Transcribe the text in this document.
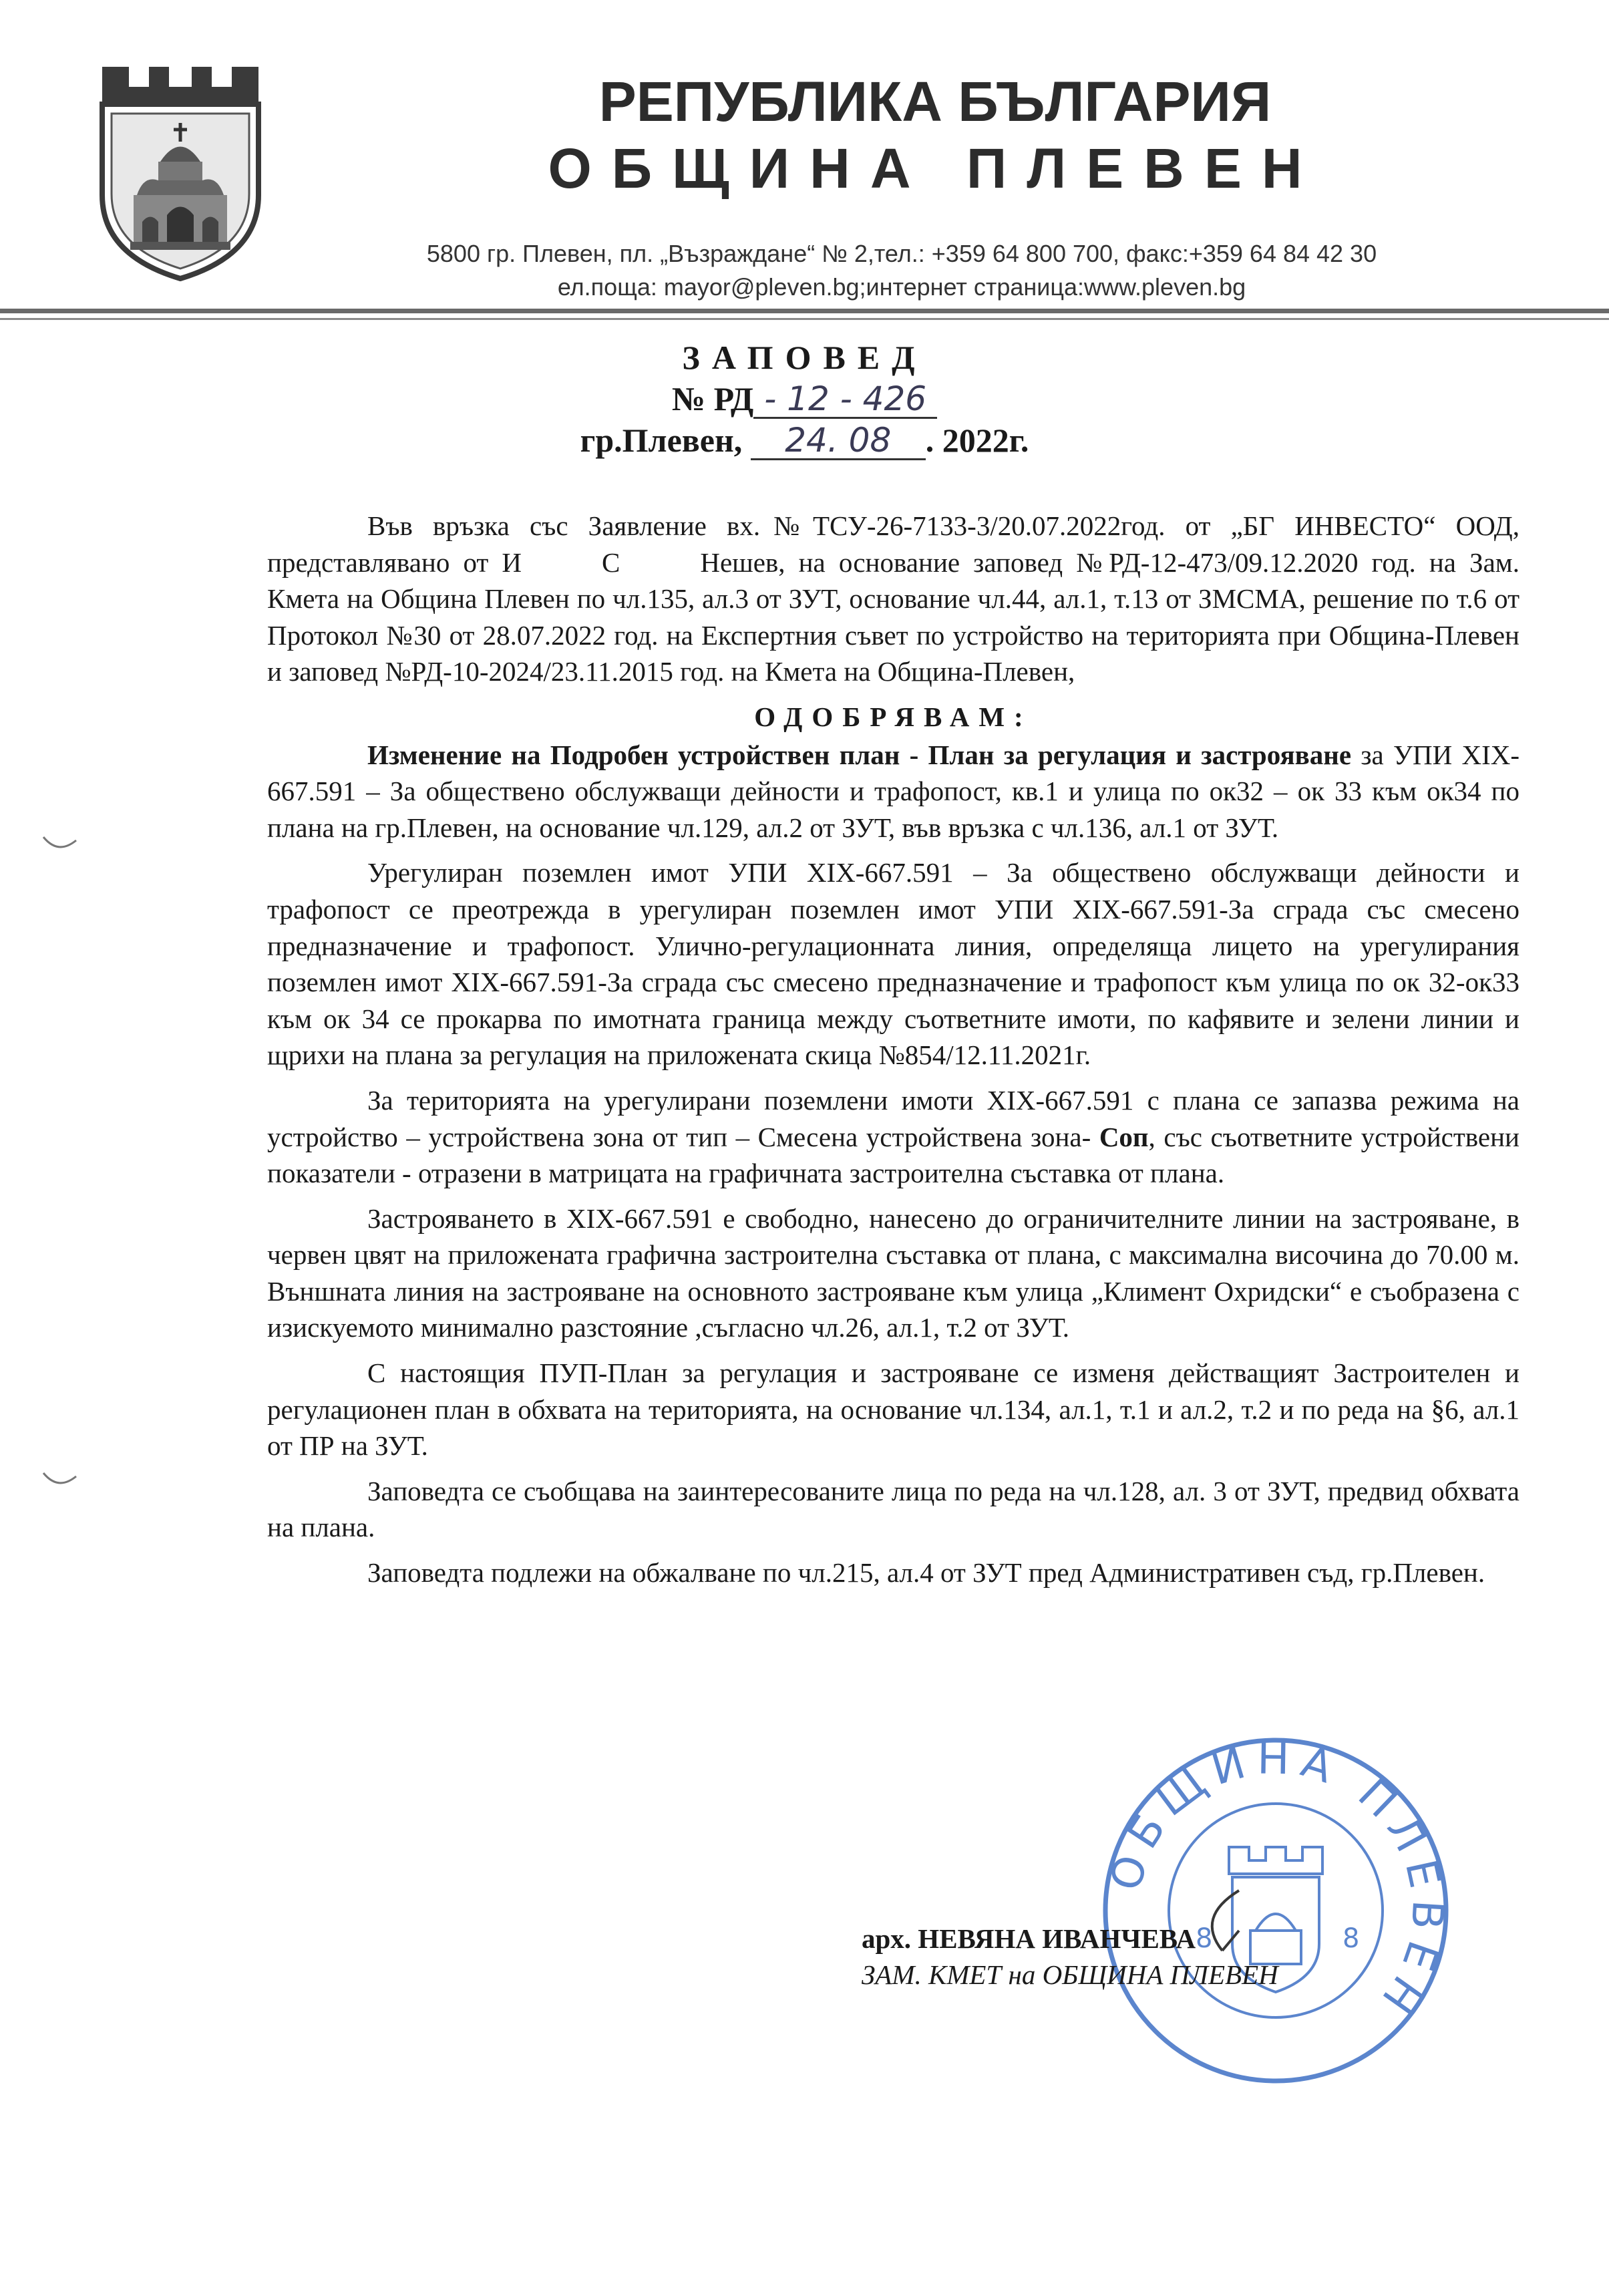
РЕПУБЛИКА БЪЛГАРИЯ
ОБЩИНА ПЛЕВЕН
5800 гр. Плевен, пл. „Възраждане“ № 2,тел.: +359 64 800 700, факс:+359 64 84 42 30
ел.поща: mayor@pleven.bg;интернет страница:www.pleven.bg
ЗАПОВЕД
№ РД - 12 - 426
гр.Плевен, 24. 08 . 2022г.

Във връзка със Заявление вх.№ТСУ-26-7133-3/20.07.2022год. от „БГ ИНВЕСТО“ ООД, представлявано от И	С	Нешев, на основание заповед №РД-12-473/09.12.2020 год. на Зам. Кмета на Община Плевен по чл.135, ал.3 от ЗУТ, основание чл.44, ал.1, т.13 от ЗМСМА, решение по т.6 от Протокол №30 от 28.07.2022 год. на Експертния съвет по устройство на територията при Община-Плевен и заповед №РД-10-2024/23.11.2015 год. на Кмета на Община-Плевен,

ОДОБРЯВАМ:

Изменение на Подробен устройствен план - План за регулация и застрояване за УПИ XIX-667.591 – За обществено обслужващи дейности и трафопост, кв.1 и улица по ок32 – ок 33 към ок34 по плана на гр.Плевен, на основание чл.129, ал.2 от ЗУТ, във връзка с чл.136, ал.1 от ЗУТ.

Урегулиран поземлен имот УПИ XIX-667.591 – За обществено обслужващи дейности и трафопост се преотрежда в урегулиран поземлен имот УПИ XIX-667.591-За сграда със смесено предназначение и трафопост. Улично-регулационната линия, определяща лицето на урегулирания поземлен имот XIX-667.591-За сграда със смесено предназначение и трафопост към улица по ок 32-ок33 към ок 34 се прокарва по имотната граница между съответните имоти, по кафявите и зелени линии и щрихи на плана за регулация на приложената скица №854/12.11.2021г.

За територията на урегулирани поземлени имоти XIX-667.591 с плана се запазва режима на устройство – устройствена зона от тип – Смесена устройствена зона- Соп, със съответните устройствени показатели - отразени в матрицата на графичната застроителна съставка от плана.

Застрояването в XIX-667.591 е свободно, нанесено до ограничителните линии на застрояване, в червен цвят на приложената графична застроителна съставка от плана, с максимална височина до 70.00 м. Външната линия на застрояване на основното застрояване към улица „Климент Охридски“ е съобразена с изискуемото минимално разстояние ,съгласно чл.26, ал.1, т.2 от ЗУТ.

С настоящия ПУП-План за регулация и застрояване се изменя действащият Застроителен и регулационен план в обхвата на територията, на основание чл.134, ал.1, т.1 и ал.2, т.2 и по реда на §6, ал.1 от ПР на ЗУТ.

Заповедта се съобщава на заинтересованите лица по реда на чл.128, ал. 3 от ЗУТ, предвид обхвата на плана.

Заповедта подлежи на обжалване по чл.215, ал.4 от ЗУТ пред Административен съд, гр.Плевен.

ОБЩИНА ПЛЕВЕН
8	8
арх. НЕВЯНА ИВАНЧЕВА
ЗАМ. КМЕТ на ОБЩИНА ПЛЕВЕН
